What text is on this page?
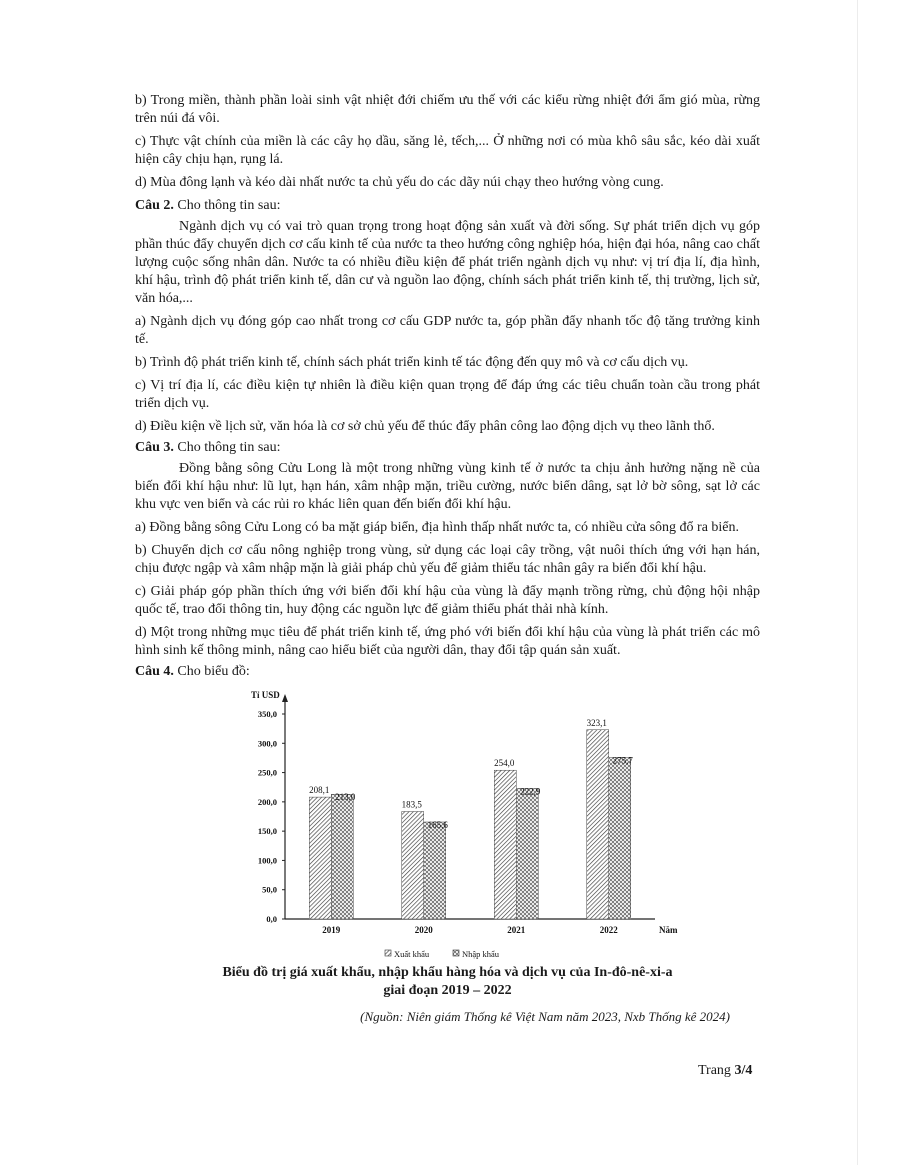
b) Trong miền, thành phần loài sinh vật nhiệt đới chiếm ưu thế với các kiểu rừng nhiệt đới ẩm gió mùa, rừng trên núi đá vôi.

c) Thực vật chính của miền là các cây họ dầu, săng lẻ, tếch,... Ở những nơi có mùa khô sâu sắc, kéo dài xuất hiện cây chịu hạn, rụng lá.

d) Mùa đông lạnh và kéo dài nhất nước ta chủ yếu do các dãy núi chạy theo hướng vòng cung.

Câu 2. Cho thông tin sau:

Ngành dịch vụ có vai trò quan trọng trong hoạt động sản xuất và đời sống. Sự phát triển dịch vụ góp phần thúc đẩy chuyển dịch cơ cấu kinh tế của nước ta theo hướng công nghiệp hóa, hiện đại hóa, nâng cao chất lượng cuộc sống nhân dân. Nước ta có nhiều điều kiện để phát triển ngành dịch vụ như: vị trí địa lí, địa hình, khí hậu, trình độ phát triển kinh tế, dân cư và nguồn lao động, chính sách phát triển kinh tế, thị trường, lịch sử, văn hóa,...

a) Ngành dịch vụ đóng góp cao nhất trong cơ cấu GDP nước ta, góp phần đẩy nhanh tốc độ tăng trưởng kinh tế.

b) Trình độ phát triển kinh tế, chính sách phát triển kinh tế tác động đến quy mô và cơ cấu dịch vụ.

c) Vị trí địa lí, các điều kiện tự nhiên là điều kiện quan trọng để đáp ứng các tiêu chuẩn toàn cầu trong phát triển dịch vụ.

d) Điều kiện về lịch sử, văn hóa là cơ sở chủ yếu để thúc đẩy phân công lao động dịch vụ theo lãnh thổ.

Câu 3. Cho thông tin sau:

Đồng bằng sông Cửu Long là một trong những vùng kinh tế ở nước ta chịu ảnh hưởng nặng nề của biến đổi khí hậu như: lũ lụt, hạn hán, xâm nhập mặn, triều cường, nước biển dâng, sạt lở bờ sông, sạt lở các khu vực ven biển và các rủi ro khác liên quan đến biến đổi khí hậu.

a) Đồng bằng sông Cửu Long có ba mặt giáp biển, địa hình thấp nhất nước ta, có nhiều cửa sông đổ ra biển.

b) Chuyển dịch cơ cấu nông nghiệp trong vùng, sử dụng các loại cây trồng, vật nuôi thích ứng với hạn hán, chịu được ngập và xâm nhập mặn là giải pháp chủ yếu để giảm thiểu tác nhân gây ra biến đổi khí hậu.

c) Giải pháp góp phần thích ứng với biến đổi khí hậu của vùng là đẩy mạnh trồng rừng, chủ động hội nhập quốc tế, trao đổi thông tin, huy động các nguồn lực để giảm thiểu phát thải nhà kính.

d) Một trong những mục tiêu để phát triển kinh tế, ứng phó với biến đổi khí hậu của vùng là phát triển các mô hình sinh kế thông minh, nâng cao hiểu biết của người dân, thay đổi tập quán sản xuất.

Câu 4. Cho biểu đồ:

Tỉ USD
0,0
50,0
100,0
150,0
200,0
250,0
300,0
350,0
208,1
213,0
2019
183,5
165,6
2020
254,0
222,9
2021
323,1
275,7
2022	Năm
Xuất khẩu	Nhập khẩu

Biểu đồ trị giá xuất khẩu, nhập khẩu hàng hóa và dịch vụ của In-đô-nê-xi-a

giai đoạn 2019 – 2022

(Nguồn: Niên giám Thống kê Việt Nam năm 2023, Nxb Thống kê 2024)

Trang 3/4
